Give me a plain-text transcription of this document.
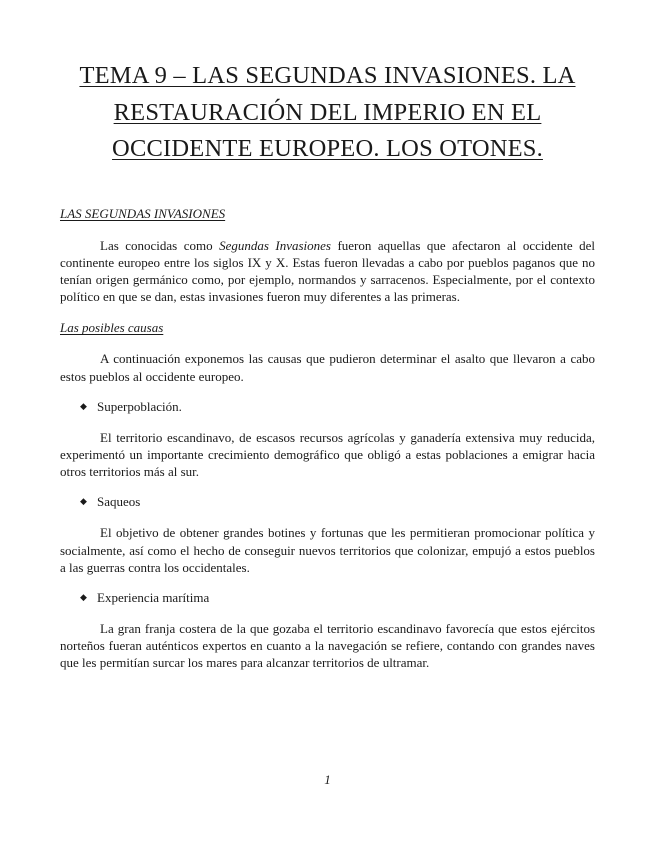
TEMA 9 – LAS SEGUNDAS INVASIONES. LA RESTAURACIÓN DEL IMPERIO EN EL OCCIDENTE EUROPEO. LOS OTONES.
LAS SEGUNDAS INVASIONES

Las conocidas como Segundas Invasiones fueron aquellas que afectaron al occidente del continente europeo entre los siglos IX y X. Estas fueron llevadas a cabo por pueblos paganos que no tenían origen germánico como, por ejemplo, normandos y sarracenos. Especialmente, por el contexto político en que se dan, estas invasiones fueron muy diferentes a las primeras.

Las posibles causas

A continuación exponemos las causas que pudieron determinar el asalto que llevaron a cabo estos pueblos al occidente europeo.

◆ Superpoblación.

El territorio escandinavo, de escasos recursos agrícolas y ganadería extensiva muy reducida, experimentó un importante crecimiento demográfico que obligó a estas poblaciones a emigrar hacia otros territorios más al sur.

◆ Saqueos

El objetivo de obtener grandes botines y fortunas que les permitieran promocionar política y socialmente, así como el hecho de conseguir nuevos territorios que colonizar, empujó a estos pueblos a las guerras contra los occidentales.

◆ Experiencia marítima

La gran franja costera de la que gozaba el territorio escandinavo favorecía que estos ejércitos norteños fueran auténticos expertos en cuanto a la navegación se refiere, contando con grandes naves que les permitían surcar los mares para alcanzar territorios de ultramar.

1
